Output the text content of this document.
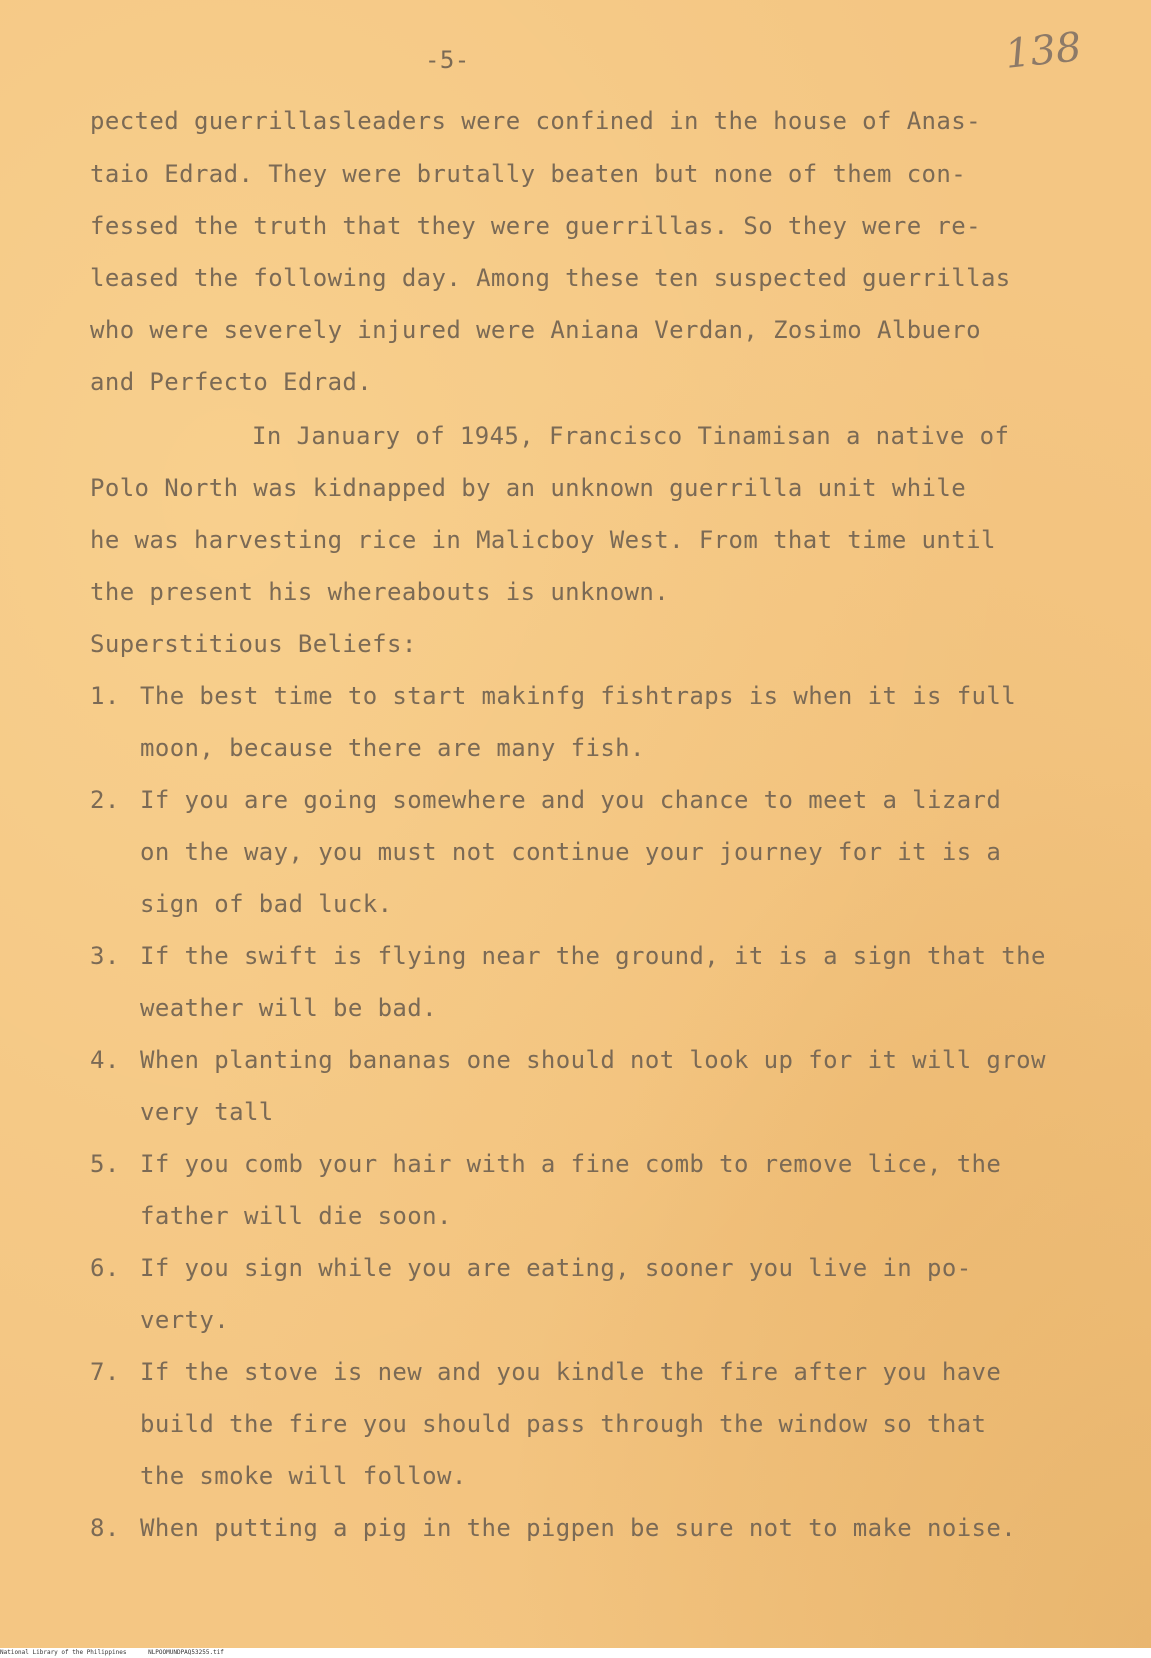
-5-	138
pected guerrillasleaders were confined in the house of Anas-
taio Edrad. They were brutally beaten but none of them con-
fessed the truth that they were guerrillas. So they were re-
leased the following day. Among these ten suspected guerrillas
who were severely injured were Aniana Verdan, Zosimo Albuero
and Perfecto Edrad.
In January of 1945, Francisco Tinamisan a native of
Polo North was kidnapped by an unknown guerrilla unit while
he was harvesting rice in Malicboy West. From that time until
the present his whereabouts is unknown.
Superstitious Beliefs:
1. The best time to start makinfg fishtraps is when it is full
moon, because there are many fish.
2. If you are going somewhere and you chance to meet a lizard
on the way, you must not continue your journey for it is a
sign of bad luck.
3. If the swift is flying near the ground, it is a sign that the
weather will be bad.
4. When planting bananas one should not look up for it will grow
very tall
5. If you comb your hair with a fine comb to remove lice, the
father will die soon.
6. If you sign while you are eating, sooner you live in po-
verty.
7. If the stove is new and you kindle the fire after you have
build the fire you should pass through the window so that
the smoke will follow.
8. When putting a pig in the pigpen be sure not to make noise.
National Library of the Philippines	NLPOOMUNDPAQ53255.tif
